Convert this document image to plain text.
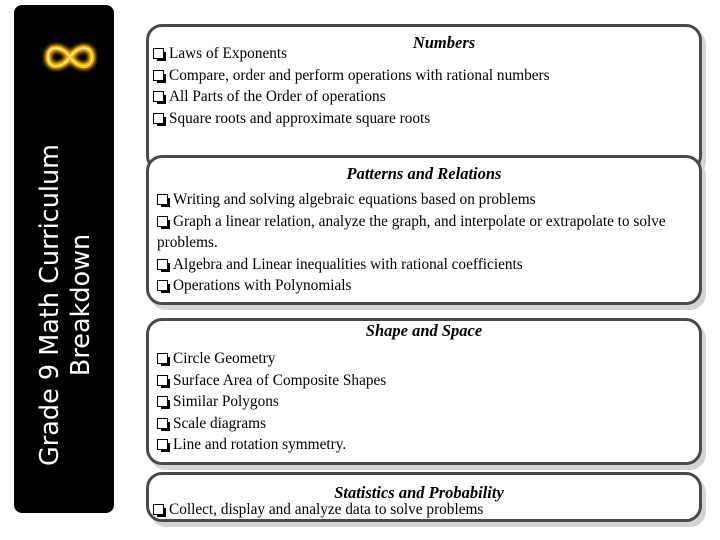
Grade 9 Math Curriculum Breakdown

Numbers

Laws of Exponents
Compare, order and perform operations with rational numbers
All Parts of the Order of operations
Square roots and approximate square roots

Patterns and Relations

Writing and solving algebraic equations based on problems
Graph a linear relation, analyze the graph, and interpolate or extrapolate to solve problems.
Algebra and Linear inequalities with rational coefficients
Operations with Polynomials

Shape and Space

Circle Geometry
Surface Area of Composite Shapes
Similar Polygons
Scale diagrams
Line and rotation symmetry.

Statistics and Probability

Collect, display and analyze data to solve problems
